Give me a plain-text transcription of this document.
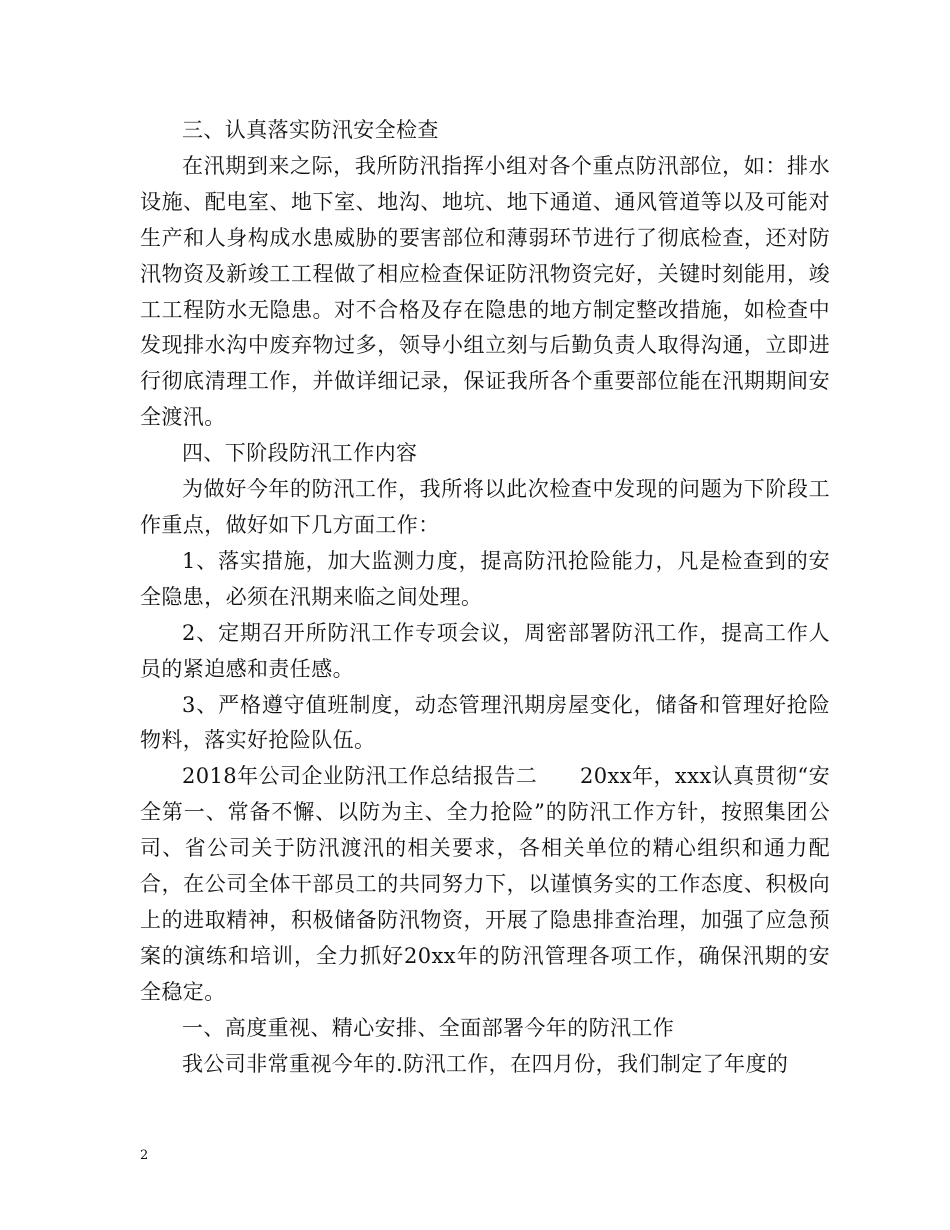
三、认真落实防汛安全检查

在汛期到来之际，我所防汛指挥小组对各个重点防汛部位，如：排水设施、配电室、地下室、地沟、地坑、地下通道、通风管道等以及可能对生产和人身构成水患威胁的要害部位和薄弱环节进行了彻底检查，还对防汛物资及新竣工工程做了相应检查保证防汛物资完好，关键时刻能用，竣工工程防水无隐患。对不合格及存在隐患的地方制定整改措施，如检查中发现排水沟中废弃物过多，领导小组立刻与后勤负责人取得沟通，立即进行彻底清理工作，并做详细记录，保证我所各个重要部位能在汛期期间安全渡汛。

四、下阶段防汛工作内容

为做好今年的防汛工作，我所将以此次检查中发现的问题为下阶段工作重点，做好如下几方面工作：

1、落实措施，加大监测力度，提高防汛抢险能力，凡是检查到的安全隐患，必须在汛期来临之间处理。

2、定期召开所防汛工作专项会议，周密部署防汛工作，提高工作人员的紧迫感和责任感。

3、严格遵守值班制度，动态管理汛期房屋变化，储备和管理好抢险物料，落实好抢险队伍。

2018年公司企业防汛工作总结报告二　　20xx年，xxx认真贯彻“安全第一、常备不懈、以防为主、全力抢险”的防汛工作方针，按照集团公司、省公司关于防汛渡汛的相关要求，各相关单位的精心组织和通力配合，在公司全体干部员工的共同努力下，以谨慎务实的工作态度、积极向上的进取精神，积极储备防汛物资，开展了隐患排查治理，加强了应急预案的演练和培训，全力抓好20xx年的防汛管理各项工作，确保汛期的安全稳定。

一、高度重视、精心安排、全面部署今年的防汛工作

我公司非常重视今年的.防汛工作，在四月份，我们制定了年度的

2
